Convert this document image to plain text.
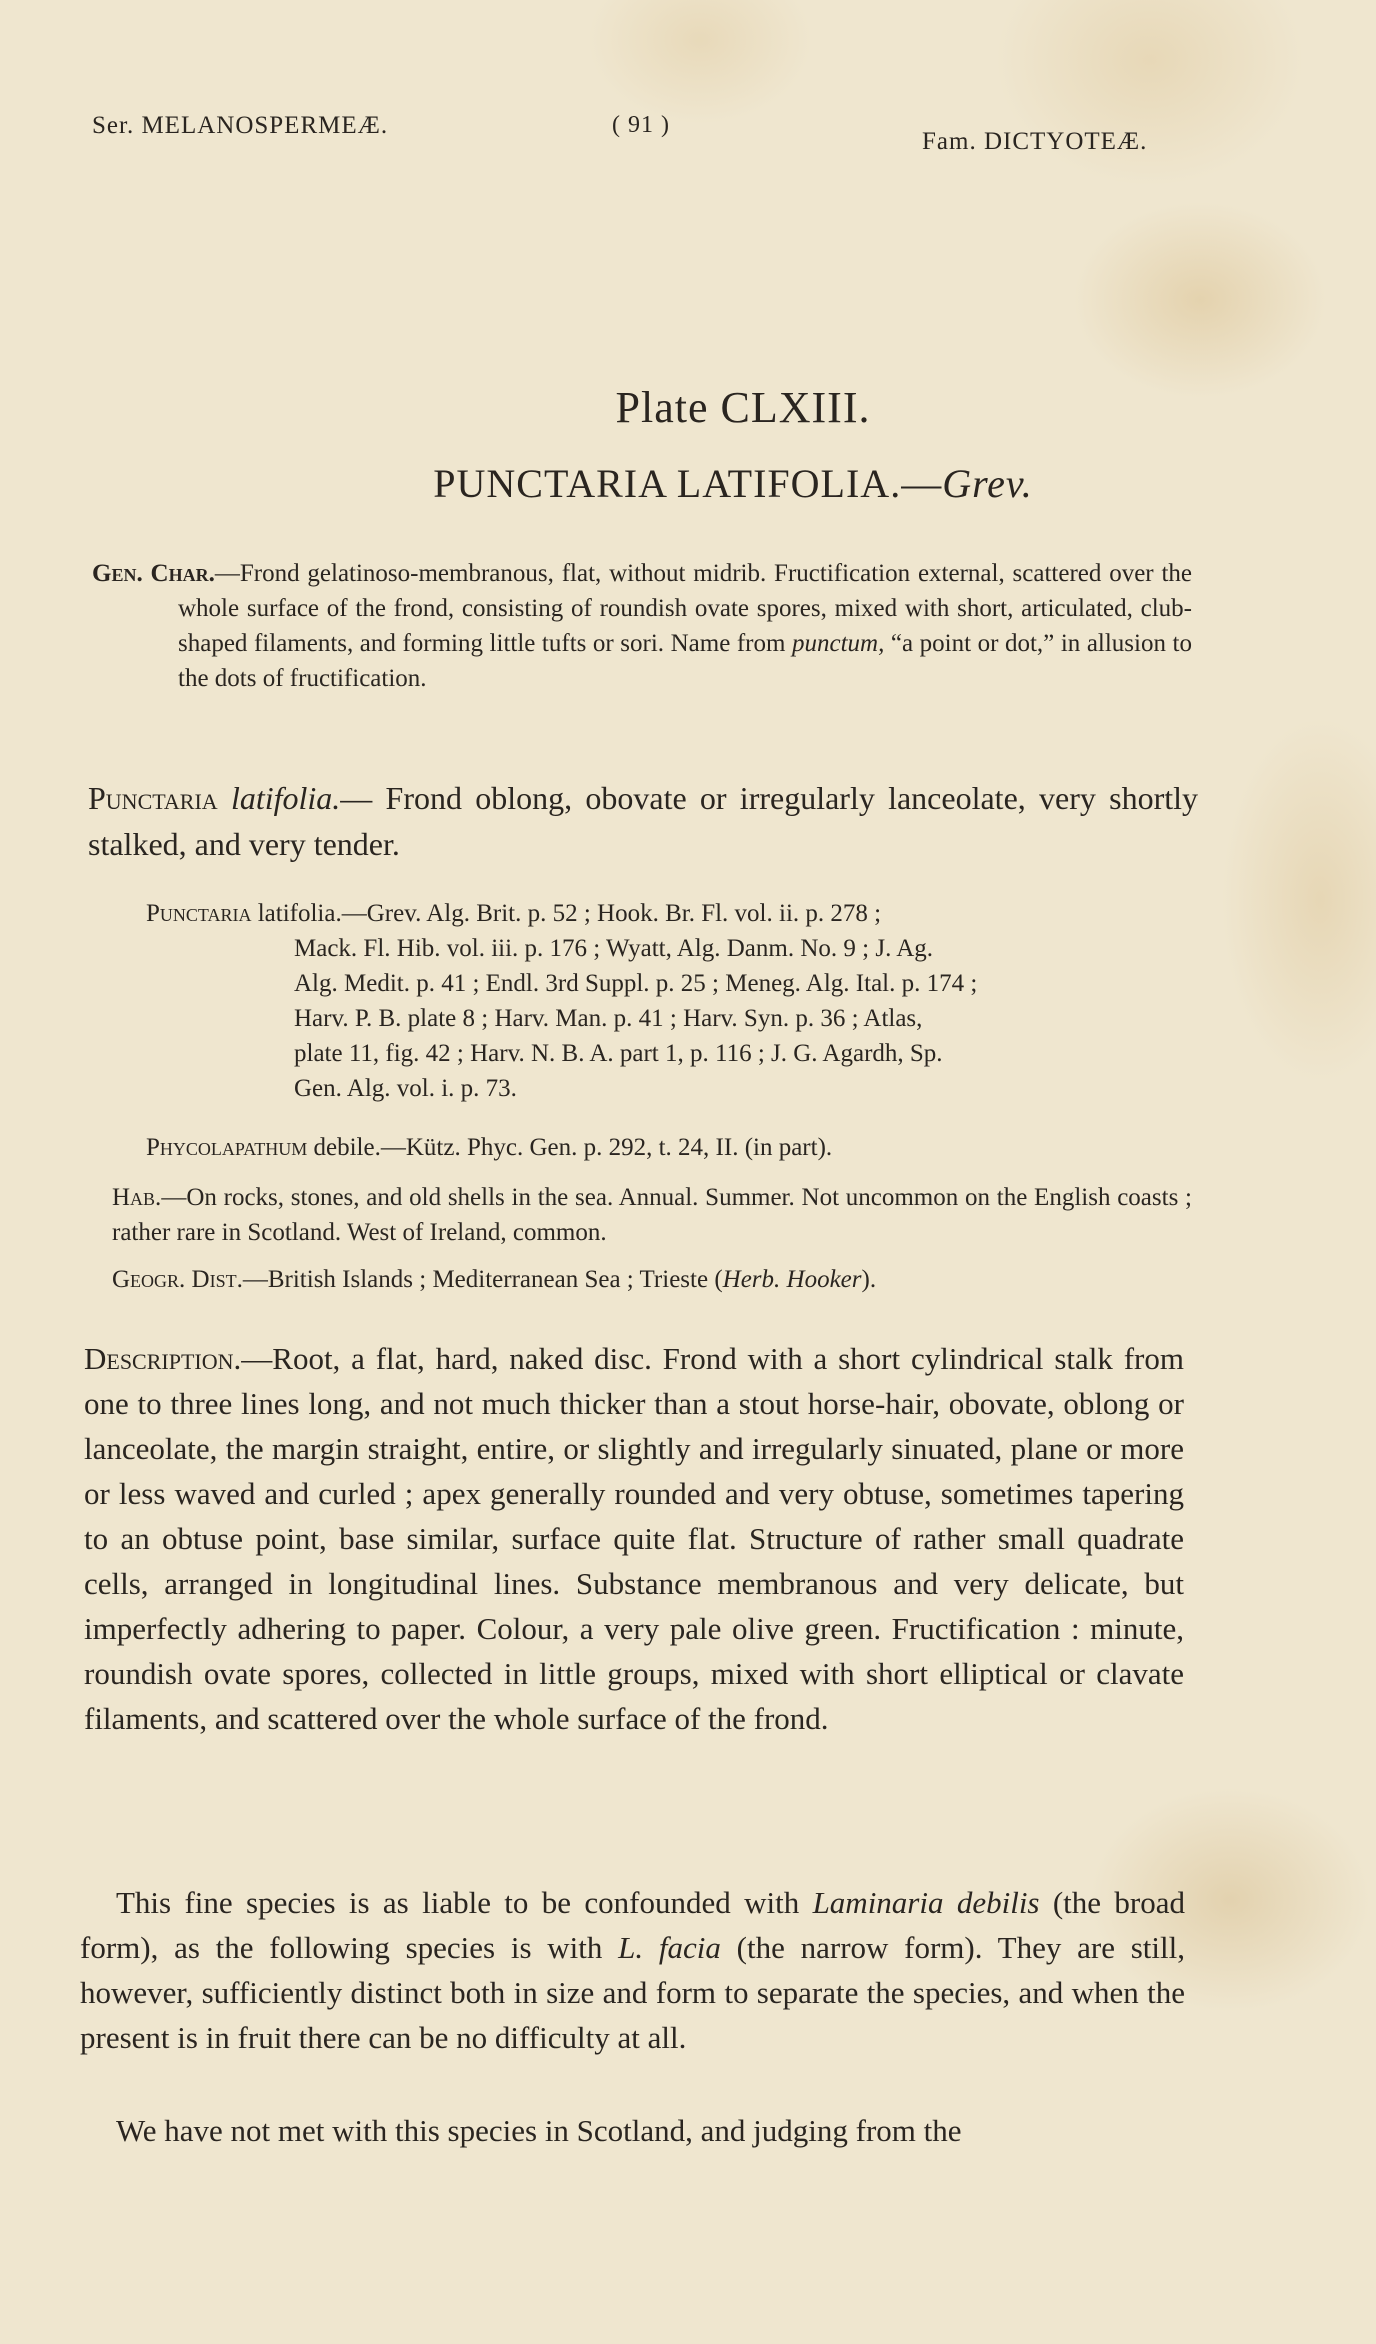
Ser. MELANOSPERMEÆ.	( 91 )
Fam. DICTYOTEÆ.
Plate CLXIII.
PUNCTARIA LATIFOLIA.—Grev.
Gen. Char.—Frond gelatinoso-membranous, flat, without midrib. Fructification external, scattered over the whole surface of the frond, consisting of roundish ovate spores, mixed with short, articulated, club-shaped filaments, and forming little tufts or sori. Name from punctum, “a point or dot,” in allusion to the dots of fructification.
Punctaria latifolia.— Frond oblong, obovate or irregularly lanceolate, very shortly stalked, and very tender.
Punctaria latifolia.—Grev. Alg. Brit. p. 52 ; Hook. Br. Fl. vol. ii. p. 278 ;
Mack. Fl. Hib. vol. iii. p. 176 ; Wyatt, Alg. Danm. No. 9 ; J. Ag.
Alg. Medit. p. 41 ; Endl. 3rd Suppl. p. 25 ; Meneg. Alg. Ital. p. 174 ;
Harv. P. B. plate 8 ; Harv. Man. p. 41 ; Harv. Syn. p. 36 ; Atlas,
plate 11, fig. 42 ; Harv. N. B. A. part 1, p. 116 ; J. G. Agardh, Sp.
Gen. Alg. vol. i. p. 73.
Phycolapathum debile.—Kütz. Phyc. Gen. p. 292, t. 24, II. (in part).
Hab.—On rocks, stones, and old shells in the sea. Annual. Summer. Not uncommon on the English coasts ; rather rare in Scotland. West of Ireland, common.
Geogr. Dist.—British Islands ; Mediterranean Sea ; Trieste (Herb. Hooker).
Description.—Root, a flat, hard, naked disc. Frond with a short cylindrical stalk from one to three lines long, and not much thicker than a stout horse-hair, obovate, oblong or lanceolate, the margin straight, entire, or slightly and irregularly sinuated, plane or more or less waved and curled ; apex generally rounded and very obtuse, sometimes tapering to an obtuse point, base similar, surface quite flat. Structure of rather small quadrate cells, arranged in longitudinal lines. Substance membranous and very delicate, but imperfectly adhering to paper. Colour, a very pale olive green. Fructification : minute, roundish ovate spores, collected in little groups, mixed with short elliptical or clavate filaments, and scattered over the whole surface of the frond.
This fine species is as liable to be confounded with Laminaria debilis (the broad form), as the following species is with L. facia (the narrow form). They are still, however, sufficiently distinct both in size and form to separate the species, and when the present is in fruit there can be no difficulty at all.
We have not met with this species in Scotland, and judging from the
